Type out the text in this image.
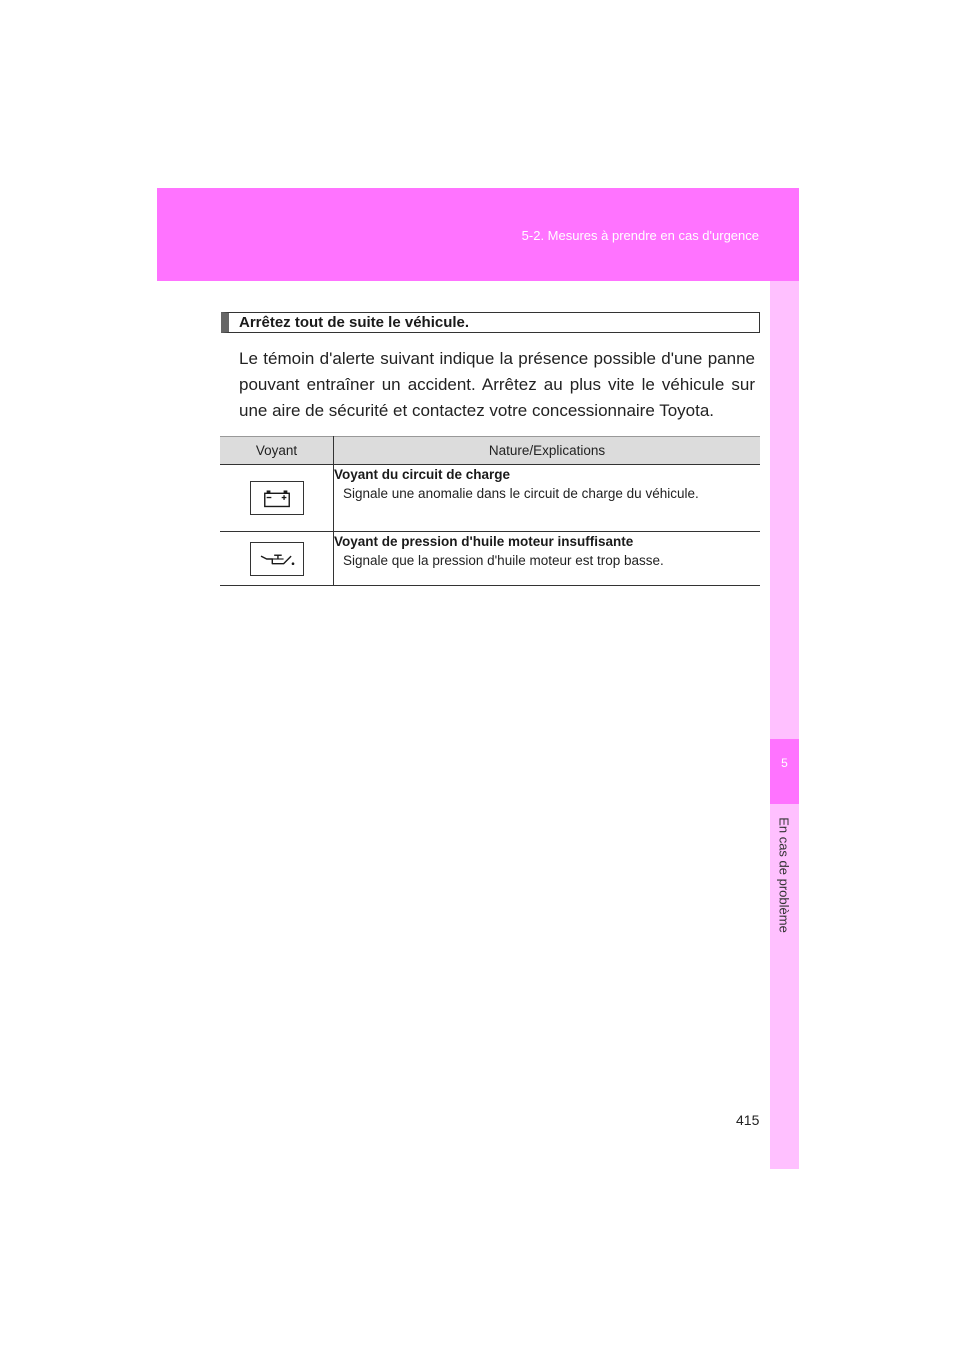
5-2. Mesures à prendre en cas d'urgence
5
En cas de problème
Arrêtez tout de suite le véhicule.
Le témoin d'alerte suivant indique la présence possible d'une panne pouvant entraîner un accident. Arrêtez au plus vite le véhicule sur une aire de sécurité et contactez votre concessionnaire Toyota.
Voyant	Nature/Explications

Voyant du circuit de charge
Signale une anomalie dans le circuit de charge du véhicule.

Voyant de pression d'huile moteur insuffisante
Signale que la pression d'huile moteur est trop basse.
415
